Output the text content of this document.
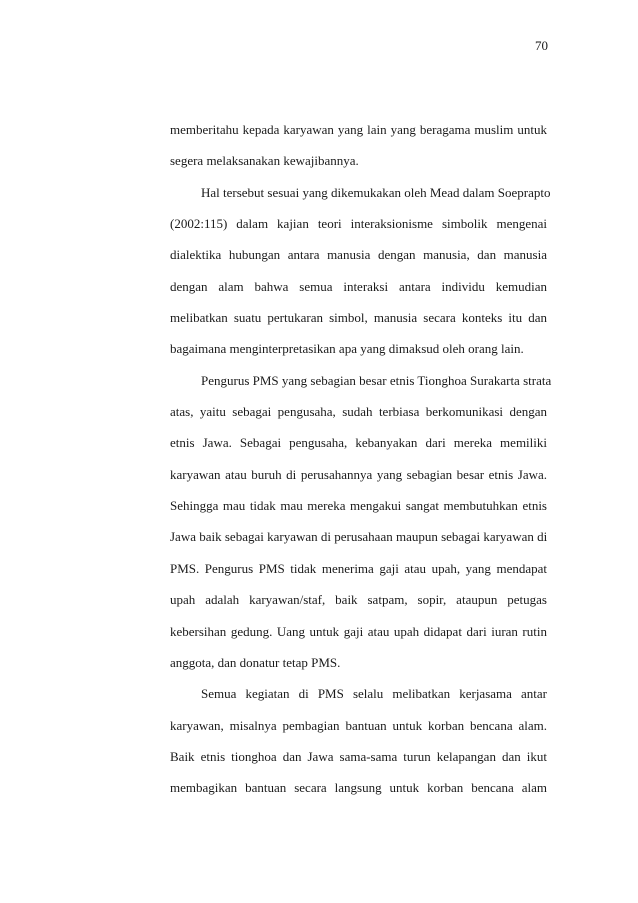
70
memberitahu kepada karyawan yang lain yang beragama muslim untuk
segera melaksanakan kewajibannya.
Hal tersebut sesuai yang dikemukakan oleh Mead dalam Soeprapto
(2002:115) dalam kajian teori interaksionisme simbolik mengenai
dialektika hubungan antara manusia dengan manusia, dan manusia
dengan alam bahwa semua interaksi antara individu kemudian
melibatkan suatu pertukaran simbol, manusia secara konteks itu dan
bagaimana menginterpretasikan apa yang dimaksud oleh orang lain.
Pengurus PMS yang sebagian besar etnis Tionghoa Surakarta strata
atas, yaitu sebagai pengusaha, sudah terbiasa berkomunikasi dengan
etnis Jawa. Sebagai pengusaha, kebanyakan dari mereka memiliki
karyawan atau buruh di perusahannya yang sebagian besar etnis Jawa.
Sehingga mau tidak mau mereka mengakui sangat membutuhkan etnis
Jawa baik sebagai karyawan di perusahaan maupun sebagai karyawan di
PMS. Pengurus PMS tidak menerima gaji atau upah, yang mendapat
upah adalah karyawan/staf, baik satpam, sopir, ataupun petugas
kebersihan gedung. Uang untuk gaji atau upah didapat dari iuran rutin
anggota, dan donatur tetap PMS.
Semua kegiatan di PMS selalu melibatkan kerjasama antar
karyawan, misalnya pembagian bantuan untuk korban bencana alam.
Baik etnis tionghoa dan Jawa sama-sama turun kelapangan dan ikut
membagikan bantuan secara langsung untuk korban bencana alam
